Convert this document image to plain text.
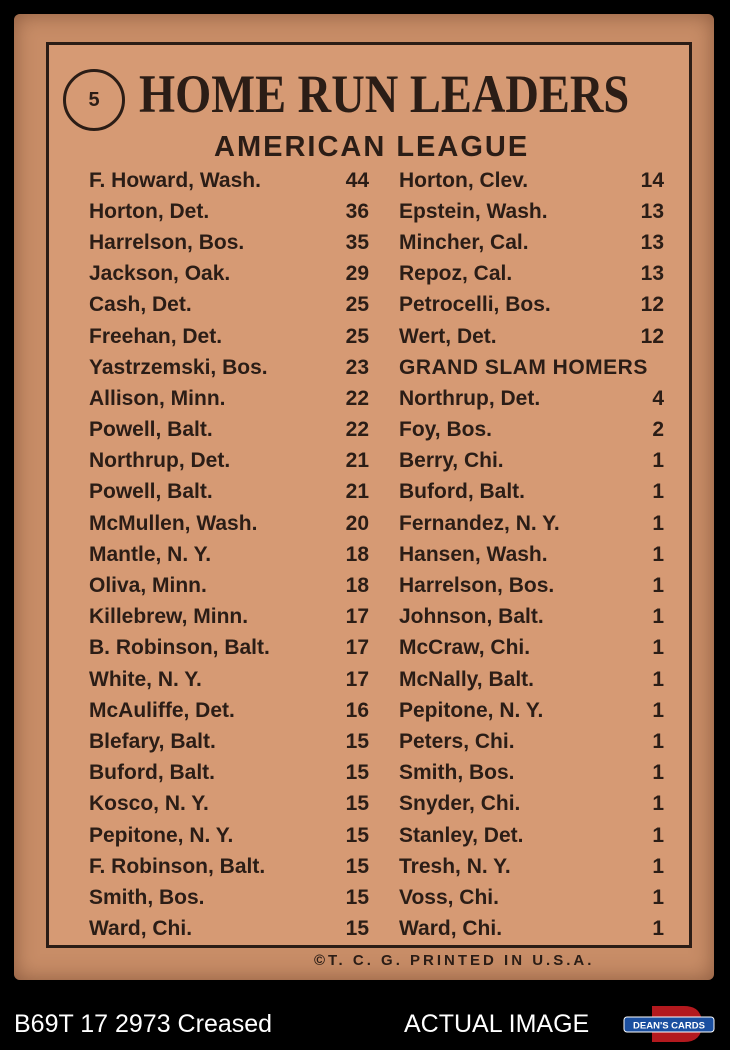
5 HOME RUN LEADERS
AMERICAN LEAGUE
F. Howard, Wash.	44
Horton, Det.	36
Harrelson, Bos.	35
Jackson, Oak.	29
Cash, Det.	25
Freehan, Det.	25
Yastrzemski, Bos.	23
Allison, Minn.	22
Powell, Balt.	22
Northrup, Det.	21
Powell, Balt.	21
McMullen, Wash.	20
Mantle, N. Y.	18
Oliva, Minn.	18
Killebrew, Minn.	17
B. Robinson, Balt.	17
White, N. Y.	17
McAuliffe, Det.	16
Blefary, Balt.	15
Buford, Balt.	15
Kosco, N. Y.	15
Pepitone, N. Y.	15
F. Robinson, Balt.	15
Smith, Bos.	15
Ward, Chi.	15
Horton, Clev.	14
Epstein, Wash.	13
Mincher, Cal.	13
Repoz, Cal.	13
Petrocelli, Bos.	12
Wert, Det.	12
GRAND SLAM HOMERS
Northrup, Det.	4
Foy, Bos.	2
Berry, Chi.	1
Buford, Balt.	1
Fernandez, N. Y.	1
Hansen, Wash.	1
Harrelson, Bos.	1
Johnson, Balt.	1
McCraw, Chi.	1
McNally, Balt.	1
Pepitone, N. Y.	1
Peters, Chi.	1
Smith, Bos.	1
Snyder, Chi.	1
Stanley, Det.	1
Tresh, N. Y.	1
Voss, Chi.	1
Ward, Chi.	1
©T. C. G. PRINTED IN U.S.A.
B69T 17 2973 Creased	ACTUAL IMAGE	DEAN'S CARDS
